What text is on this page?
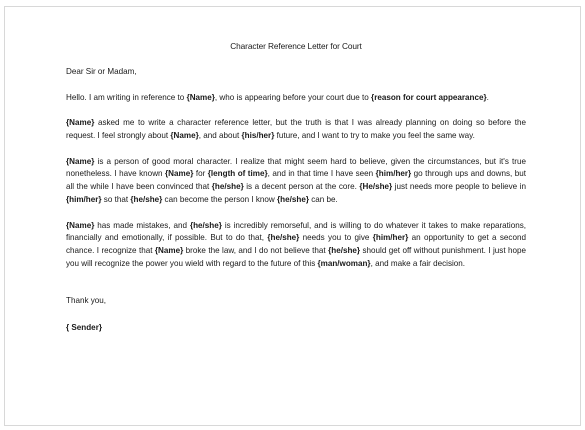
Character Reference Letter for Court
Dear Sir or Madam,
Hello. I am writing in reference to {Name}, who is appearing before your court due to {reason for court appearance}.
{Name} asked me to write a character reference letter, but the truth is that I was already planning on doing so before the request. I feel strongly about {Name}, and about {his/her} future, and I want to try to make you feel the same way.
{Name} is a person of good moral character. I realize that might seem hard to believe, given the circumstances, but it's true nonetheless. I have known {Name} for {length of time}, and in that time I have seen {him/her} go through ups and downs, but all the while I have been convinced that {he/she} is a decent person at the core. {He/she} just needs more people to believe in {him/her} so that {he/she} can become the person I know {he/she} can be.
{Name} has made mistakes, and {he/she} is incredibly remorseful, and is willing to do whatever it takes to make reparations, financially and emotionally, if possible. But to do that, {he/she} needs you to give {him/her} an opportunity to get a second chance. I recognize that {Name} broke the law, and I do not believe that {he/she} should get off without punishment. I just hope you will recognize the power you wield with regard to the future of this {man/woman}, and make a fair decision.
Thank you,
{ Sender}
